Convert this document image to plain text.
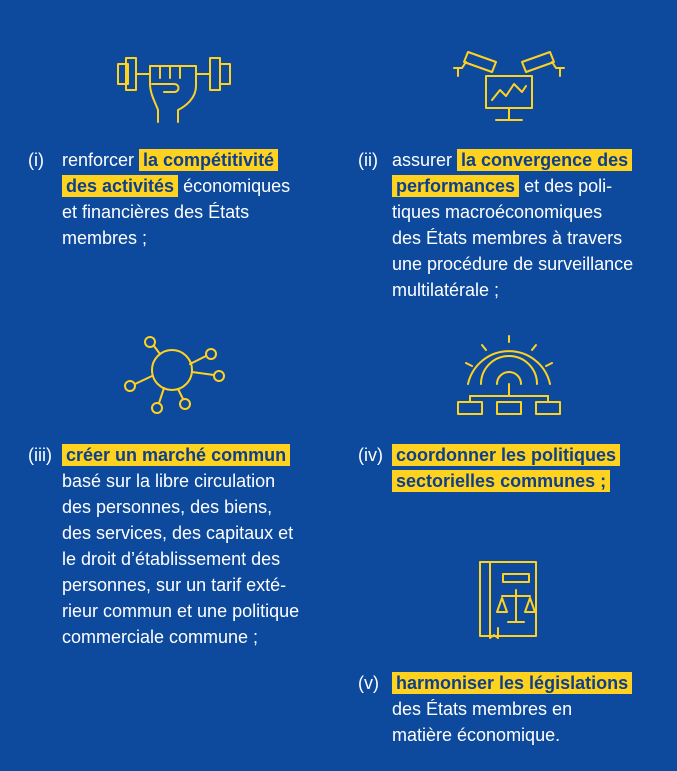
(i) renforcer la compétitivité
des activités économiques
et financières des États
membres ;
(ii) assurer la convergence des
performances et des poli-
tiques macroéconomiques
des États membres à travers
une procédure de surveillance
multilatérale ;
(iii) créer un marché commun
basé sur la libre circulation
des personnes, des biens,
des services, des capitaux et
le droit d’établissement des
personnes, sur un tarif exté-
rieur commun et une politique
commerciale commune ;
(iv) coordonner les politiques
sectorielles communes ;
(v) harmoniser les législations
des États membres en
matière économique.
